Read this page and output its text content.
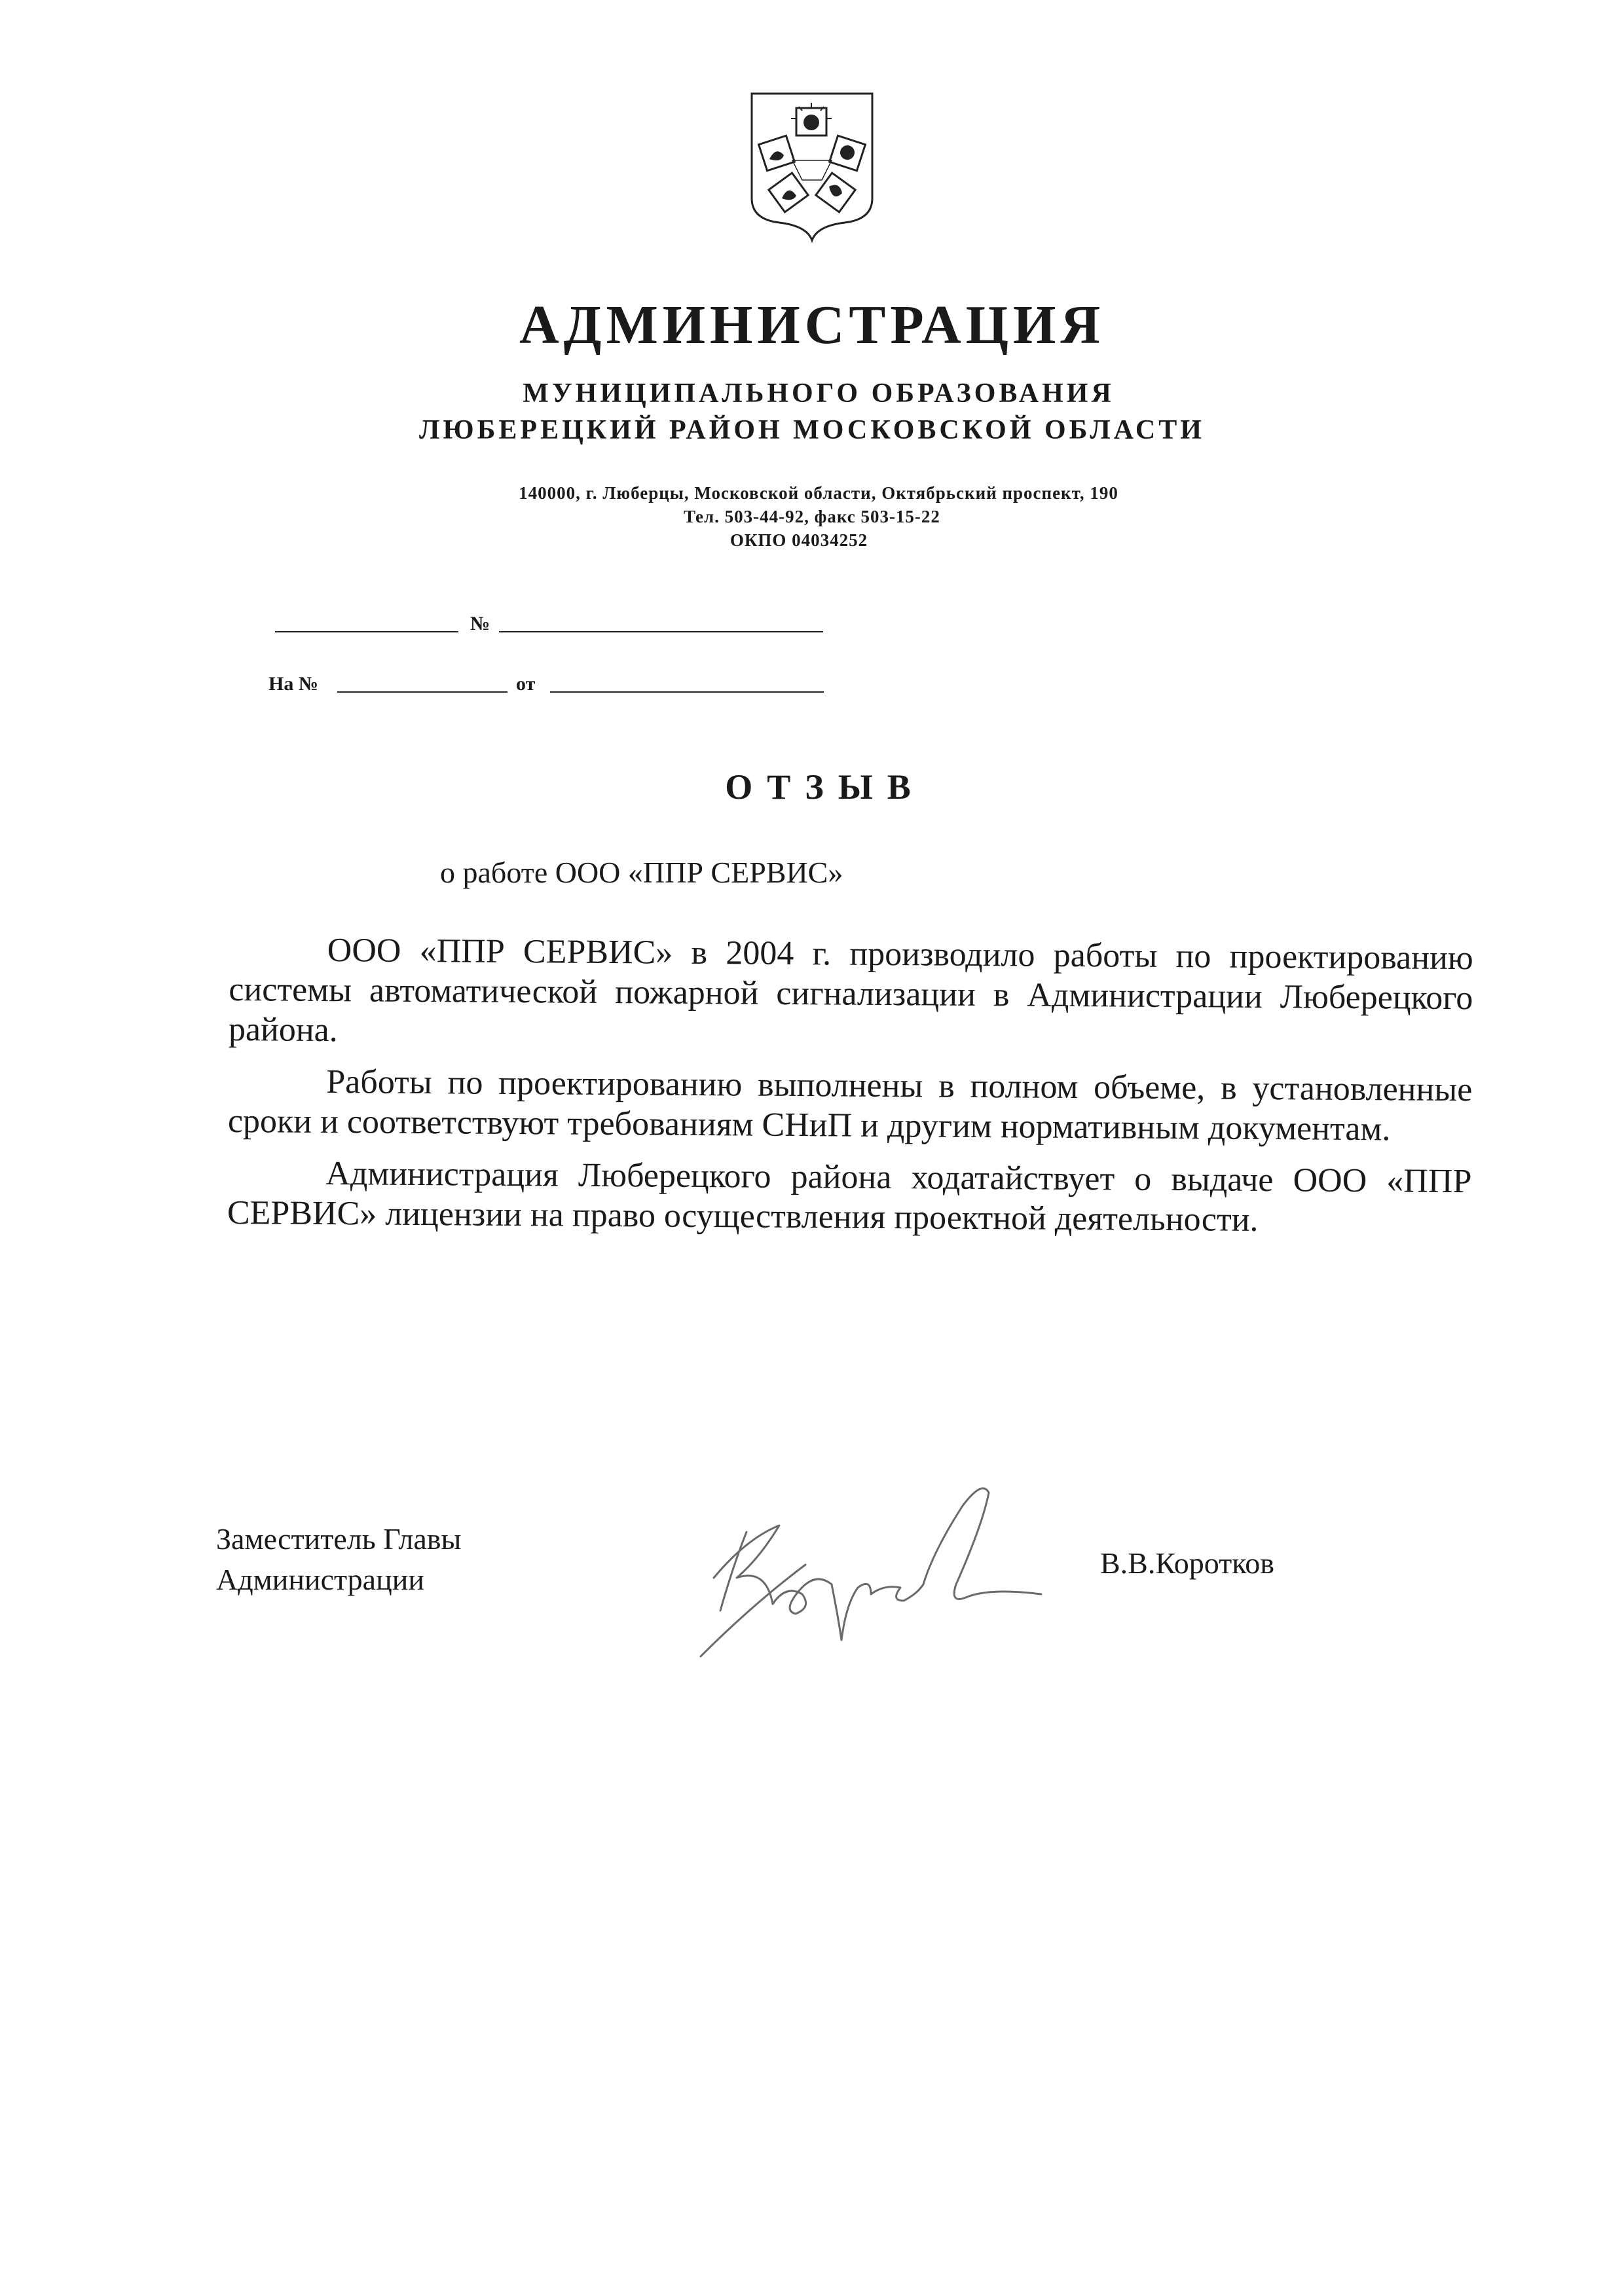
АДМИНИСТРАЦИЯ
МУНИЦИПАЛЬНОГО ОБРАЗОВАНИЯ
ЛЮБЕРЕЦКИЙ РАЙОН МОСКОВСКОЙ ОБЛАСТИ
140000, г. Люберцы, Московской области, Октябрьский проспект, 190
Тел. 503-44-92, факс 503-15-22
ОКПО 04034252
№
На №	от
ОТЗЫВ
о работе ООО «ППР СЕРВИС»

ООО «ППР СЕРВИС» в 2004 г. производило работы по проектированию системы автоматической пожарной сигнализации в Администрации Люберецкого района.

Работы по проектированию выполнены в полном объеме, в установленные сроки и соответствуют требованиям СНиП и другим нормативным документам.

Администрация Люберецкого района ходатайствует о выдаче ООО «ППР СЕРВИС» лицензии на право осуществления проектной деятельности.

Заместитель Главы
Администрации	В.В.Коротков
